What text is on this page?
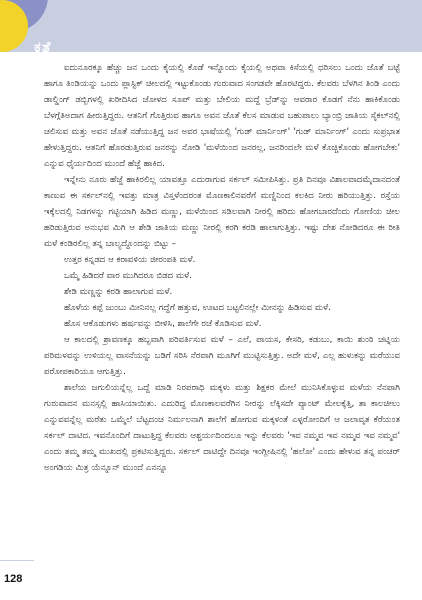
ಕತೆ

ಐದುನೂರಕ್ಕೂ ಹೆಚ್ಚು ಜನ ಒಂದು ಕೈಯಲ್ಲಿ ಕೊಡೆ ಇನ್ನೊಂದು ಕೈಯಲ್ಲಿ ಅಥವಾ ಕಿಸೆಯಲ್ಲಿ ಧರಿಸಲು ಒಂದು ಜೊತೆ ಬಟ್ಟೆ ಹಾಗೂ ತಿಂಡಿಯನ್ನು ಒಂದು ಪ್ಲಾಸ್ಟಿಕ್ ಚೀಲದಲ್ಲಿ ಇಟ್ಟುಕೊಂಡು ಗುರುವಾದ ಸಂಗಡವೇ ಹೊರಟಿದ್ದರು. ಕೆಲವರು ಬೆಳಗಿನ ತಿಂಡಿ ಎಂದು ಡಾಲ್ಡಿಂಗ್ ಡಬ್ಬಿಗಳಲ್ಲಿ ಖರೀದಿಸಿದ ಜೋಳದ ಸೂಪ್ ಮತ್ತು ಬೇಲಿಯ ಮದ್ದೆ ಬ್ರೆಡ್‌ನ್ನು ಆವರಾರ ಕೊಡಗೆ ನೆನು ಹಾಕಿಕೊಂಡು ಬೆಳಗ್ಗೆತಿಅದಾಗ ಹೀರುತ್ತಿದ್ದರು. ಆತನಿಗೆ ಗೊತ್ತಿರುವ ಹಾಗೂ ಅವನ ಜೊತೆ ಕೆಲಸ ಮಾಡುವ ಬಹುಪಾಲು ಬ್ಯಾಂಬ್ರಿ ಜಾತಿಯ ಸೈಕಲ್‌ನಲ್ಲಿ ಚಲಿಸುವ ಮತ್ತು ಅವನ ಜೊತೆ ನಡೆಯುತ್ತಿದ್ದ ಜನ ಅವರ ಭಾಷೆಯಲ್ಲಿ 'ಗುಡ್ ಮಾರ್ನಿಂಗ್' 'ಗುಡ್ ಮಾರ್ನಿಂಗ್' ಎಂದು ಸುಪ್ರಭಾತ ಹೇಳುತ್ತಿದ್ದರು. ಆತನಿಗೆ ಹೊರಡುತ್ತಿರುವ ಜನರನ್ನು ನೋಡಿ 'ಮಳೆಯಿಂದ ಜನರಲ್ಲ, ಜನರಿಂದಲೇ ಮಳೆ ಕೊಚ್ಚಿಕೊಂಡು ಹೋಗಬೇಕು' ಎನ್ನುವ ಧೈರ್ಯದಿಂದ ಮುಂದೆ ಹೆಜ್ಜೆ ಹಾಕಿದ.

ಇನ್ನೇನು ನೂರು ಹೆಜ್ಜೆ ಹಾಕಿರಲಿಲ್ಲ ಯಾವತ್ತೂ ಎದುರಾಗುವ ಸರ್ಕಲ್ ಸಮೀಪಿಸಿತ್ತು. ಪ್ರತಿ ದಿನವೂ ವಿಶಾಲವಾದಮೈದಾನದಂತೆ ಕಾಣುವ ಈ ಸರ್ಕಲ್‌ನಲ್ಲಿ ಇವತ್ತು ಮಾತ್ರ ವಿಸ್ತಳೆಂದರಂತ ಮೊಣಕಾಲಿನವರೆಗೆ ಮಣ್ಣಿನಿಂದ ಕಲಕಿದ ನೀರು ಹರಿಯುತ್ತಿತ್ತು. ರಸ್ತೆಯ ಇಕ್ಕೆಲದಲ್ಲಿ ನಿಡಗಳನ್ನು ಗಟ್ಟಿಯಾಗಿ ಹಿಡಿದ ಮಣ್ಣು, ಮಳೆಯಿಂದ ಸಡಿಲವಾಗಿ ನೀರಲ್ಲಿ ಹರಿದು ಹೋಗಬಾರದೆಂದು ಗೋಣಿಯ ಚೀಲ ಹರಿಡುತ್ತಿರುವ ಅನುಭವ ಮಿಗಿ ಆ ಶೇಡಿ ಜಾತಿಯ ಮಣ್ಣು ನೀರಲ್ಲಿ ಕರಗಿ ಕರಡಿ ಹಾಲಾಗುತ್ತಿತ್ತು. ಇಷ್ಟು ದೇಶ ನೋಡಿದರೂ ಈ ರೀತಿ ಮಳೆ ಕಂಡಿರಲಿಲ್ಲ ತನ್ನ ಬಾಲ್ಯದ್ದೊಂದನ್ನು ಬಿಟ್ಟು –

ಉತ್ತರ ಕನ್ನಡದ ಆ ಕರಾವಳಿಯ ಜೀರಂಪತಿ ಮಳೆ.

ಒಮ್ಮೆ ಹಿಡಿದರೆ ವಾರ ಮುಗಿದರೂ ಬಿಡದ ಮಳೆ.

ಶೇಡಿ ಮಣ್ಣನ್ನು ಕರಡಿ ಹಾಲಾಗುವ ಮಳೆ.

ಹೊಳೆಯ ಕಪ್ಪೆ ಜುಂಬು ಮೀನಿನಲ್ಲ ಗದ್ದೆಗೆ ಹತ್ತುವ, ಊಟದ ಬಟ್ಟಲಿನಲ್ಲೇ ಮೀನನ್ನು ಹಿಡಿಸುವ ಮಳೆ.

ಹೊಸ ಆಕೊಡುಗಳು ಹರ್ಷವನ್ನು ಬೀಳಿಸಿ, ಶಾಲೆಗೇ ರಜೆ ಕೊಡಿಸುವ ಮಳೆ.

ಆ ಕಾಲದಲ್ಲಿ ಶ್ರಾವಣಕ್ಕೂ ಹಬ್ಬವಾಗಿ ಪರಿವರ್ತಿಸುವ ಮಳೆ – ಎಲೆ, ಪಾಯಸ, ಕೇಸರಿ, ಕಡುಬು, ಕಾಯಿ ಶುಂಠಿ ಚಟ್ನಿಯ ಪರಿಮಳವನ್ನು ಉಳಿಯಲ್ಲ ವಾಸನೆಯನ್ನು ಬಡಿಗೆ ಸರಿಸಿ ನೆರವಾಗಿ ಮೂಗಿಗೆ ಮುಟ್ಟಿಸುತ್ತಿತ್ತು. ಅದೇ ಮಳೆ, ಎಲ್ಲ ಹುಳುಕನ್ನು ಮರೆಯುವ ಪರೋಪಕಾರಿಯೂ ಆಗುತ್ತಿತ್ತು.

ಶಾಲೆಯ ಜಗುಲಿಯನ್ನೆಲ್ಲ ಒದ್ದೆ ಮಾಡಿ ನಿರಪರಾಧಿ ಮಕ್ಕಳು ಮತ್ತು ಶಿಕ್ಷಕರ ಮೇಲೆ ಮುನಿಸಿಕೊಳ್ಳುವ ಮಳೆಯ ನೆನಪಾಗಿ ಗುರುವಾದನ ಮನಸ್ಸಲ್ಲಿ ಹಾಸಿಯಾಯಿತು. ಎದುರಿದ್ದ ಮೊಣಕಾಲವರೆಗಿನ ನೀರನ್ನು ಲೆಕ್ಕಿಸದೇ ಪ್ಯಾಂಟ್ ಮೇಲಕ್ಕೆತ್ತಿ, ತಾ ಕಾಲಚೀಲು ಎನ್ನುವವನ್ನೆಲ್ಲ ಮರೆತು ಒಮ್ಮೆಲೆ ಬೆಟ್ಟದಂಚ ನಿರ್ಮಲನಾಗಿ ಶಾಲೆಗೆ ಹೋಗುವ ಮಕ್ಕಳಂತೆ ಎಳ್ಳರೋಂದಿಗೆ ಆ ಜಲಾವೃತ ಕೆರೆಯಂತ ಸರ್ಕಲ್ ದಾಟಿದ. ಇವನೊಂದಿಗೆ ದಾಟುತ್ತಿದ್ದ ಕೆಲವರು ಆಶ್ಚರ್ಯದಿಂದಲೂ ಇನ್ನು ಕೆಲವರು 'ಇವ ನಮ್ಮವ ಇವ ನಮ್ಮವ ಇವ ನಮ್ಮವ' ಎಂದು ತಮ್ಮ ತಮ್ಮ ಮುಖದಲ್ಲಿ ಪ್ರಕಟಿಸುತ್ತಿದ್ದರು. ಸರ್ಕಲ್ ದಾಟಿದ್ದೇ ದಿನವೂ ಇಂಗ್ಲೀಷಿನಲ್ಲಿ 'ಹಲೋ' ಎಂದು ಹೇಳುವ ತನ್ನ ಪಂಚರ್ ಅಂಗಡಿಯ ಮಿತ್ರ ಯೆನ್ನೂನ್ ಮುಂದೆ ಎನನ್ನೂ

128
